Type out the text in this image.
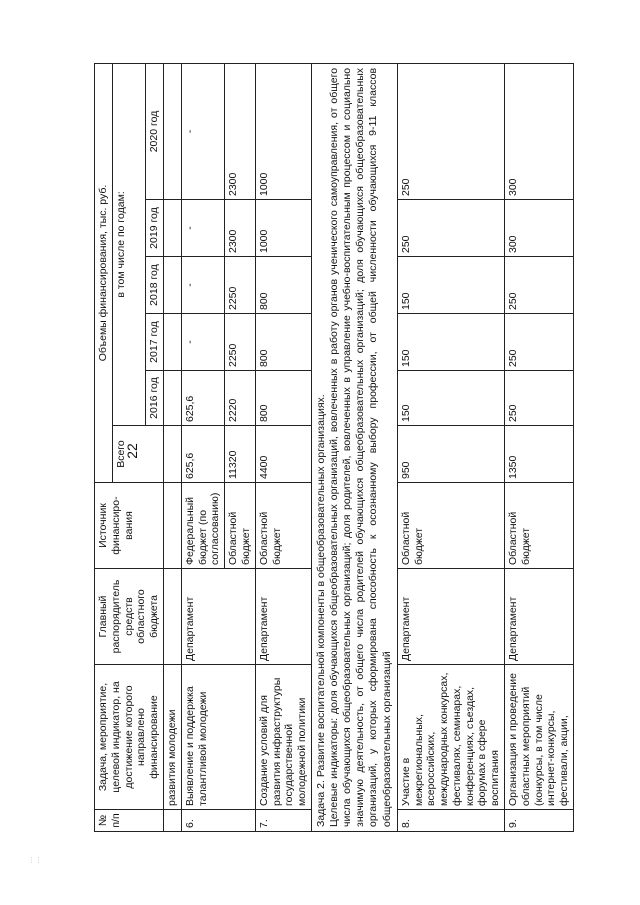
22
№ п/п	Задача, мероприятие, целевой индикатор, на достижение которого направлено финансирование	Главный распорядитель средств областного бюджета	Источник финансиро-вания	Объемы финансирования, тыс. руб.					
				Всего	в том числе по годам:				
					2016 год	2017 год	2018 год	2019 год	2020 год
	развития молодежи								
6.	Выявление и поддержка талантливой молодежи	Департамент	Федеральный бюджет (по согласованию)	625,6	625,6	-	-	-	-
			Областной бюджет	11320	2220	2250	2250	2300	2300
7.	Создание условий для развития инфраструктуры государственной молодежной политики	Департамент	Областной бюджет	4400	800	800	800	1000	1000

Задача 2. Развитие воспитательной компоненты в общеобразовательных организациях. Целевые индикаторы: доля обучающихся общеобразовательных организаций, вовлеченных в работу органов ученического самоуправления, от общего числа обучающихся общеобразовательных организаций; доля родителей, вовлеченных в управление учебно-воспитательным процессом и социально значимую деятельность, от общего числа родителей обучающихся общеобразовательных организаций; доля обучающихся общеобразовательных организаций, у которых сформирована способность к осознанному выбору профессии, от общей численности обучающихся 9-11 классов общеобразовательных организаций									

8.	Участие в межрегиональных, всероссийских, международных конкурсах, фестивалях, семинарах, конференциях, съездах, форумах в сфере воспитания	Департамент	Областной бюджет	950	150	150	150	250	250
9.	Организация и проведение областных мероприятий (конкурсы, в том числе интернет-конкурсы, фестивали, акции,	Департамент	Областной бюджет	1350	250	250	250	300	300
⋮⋮
